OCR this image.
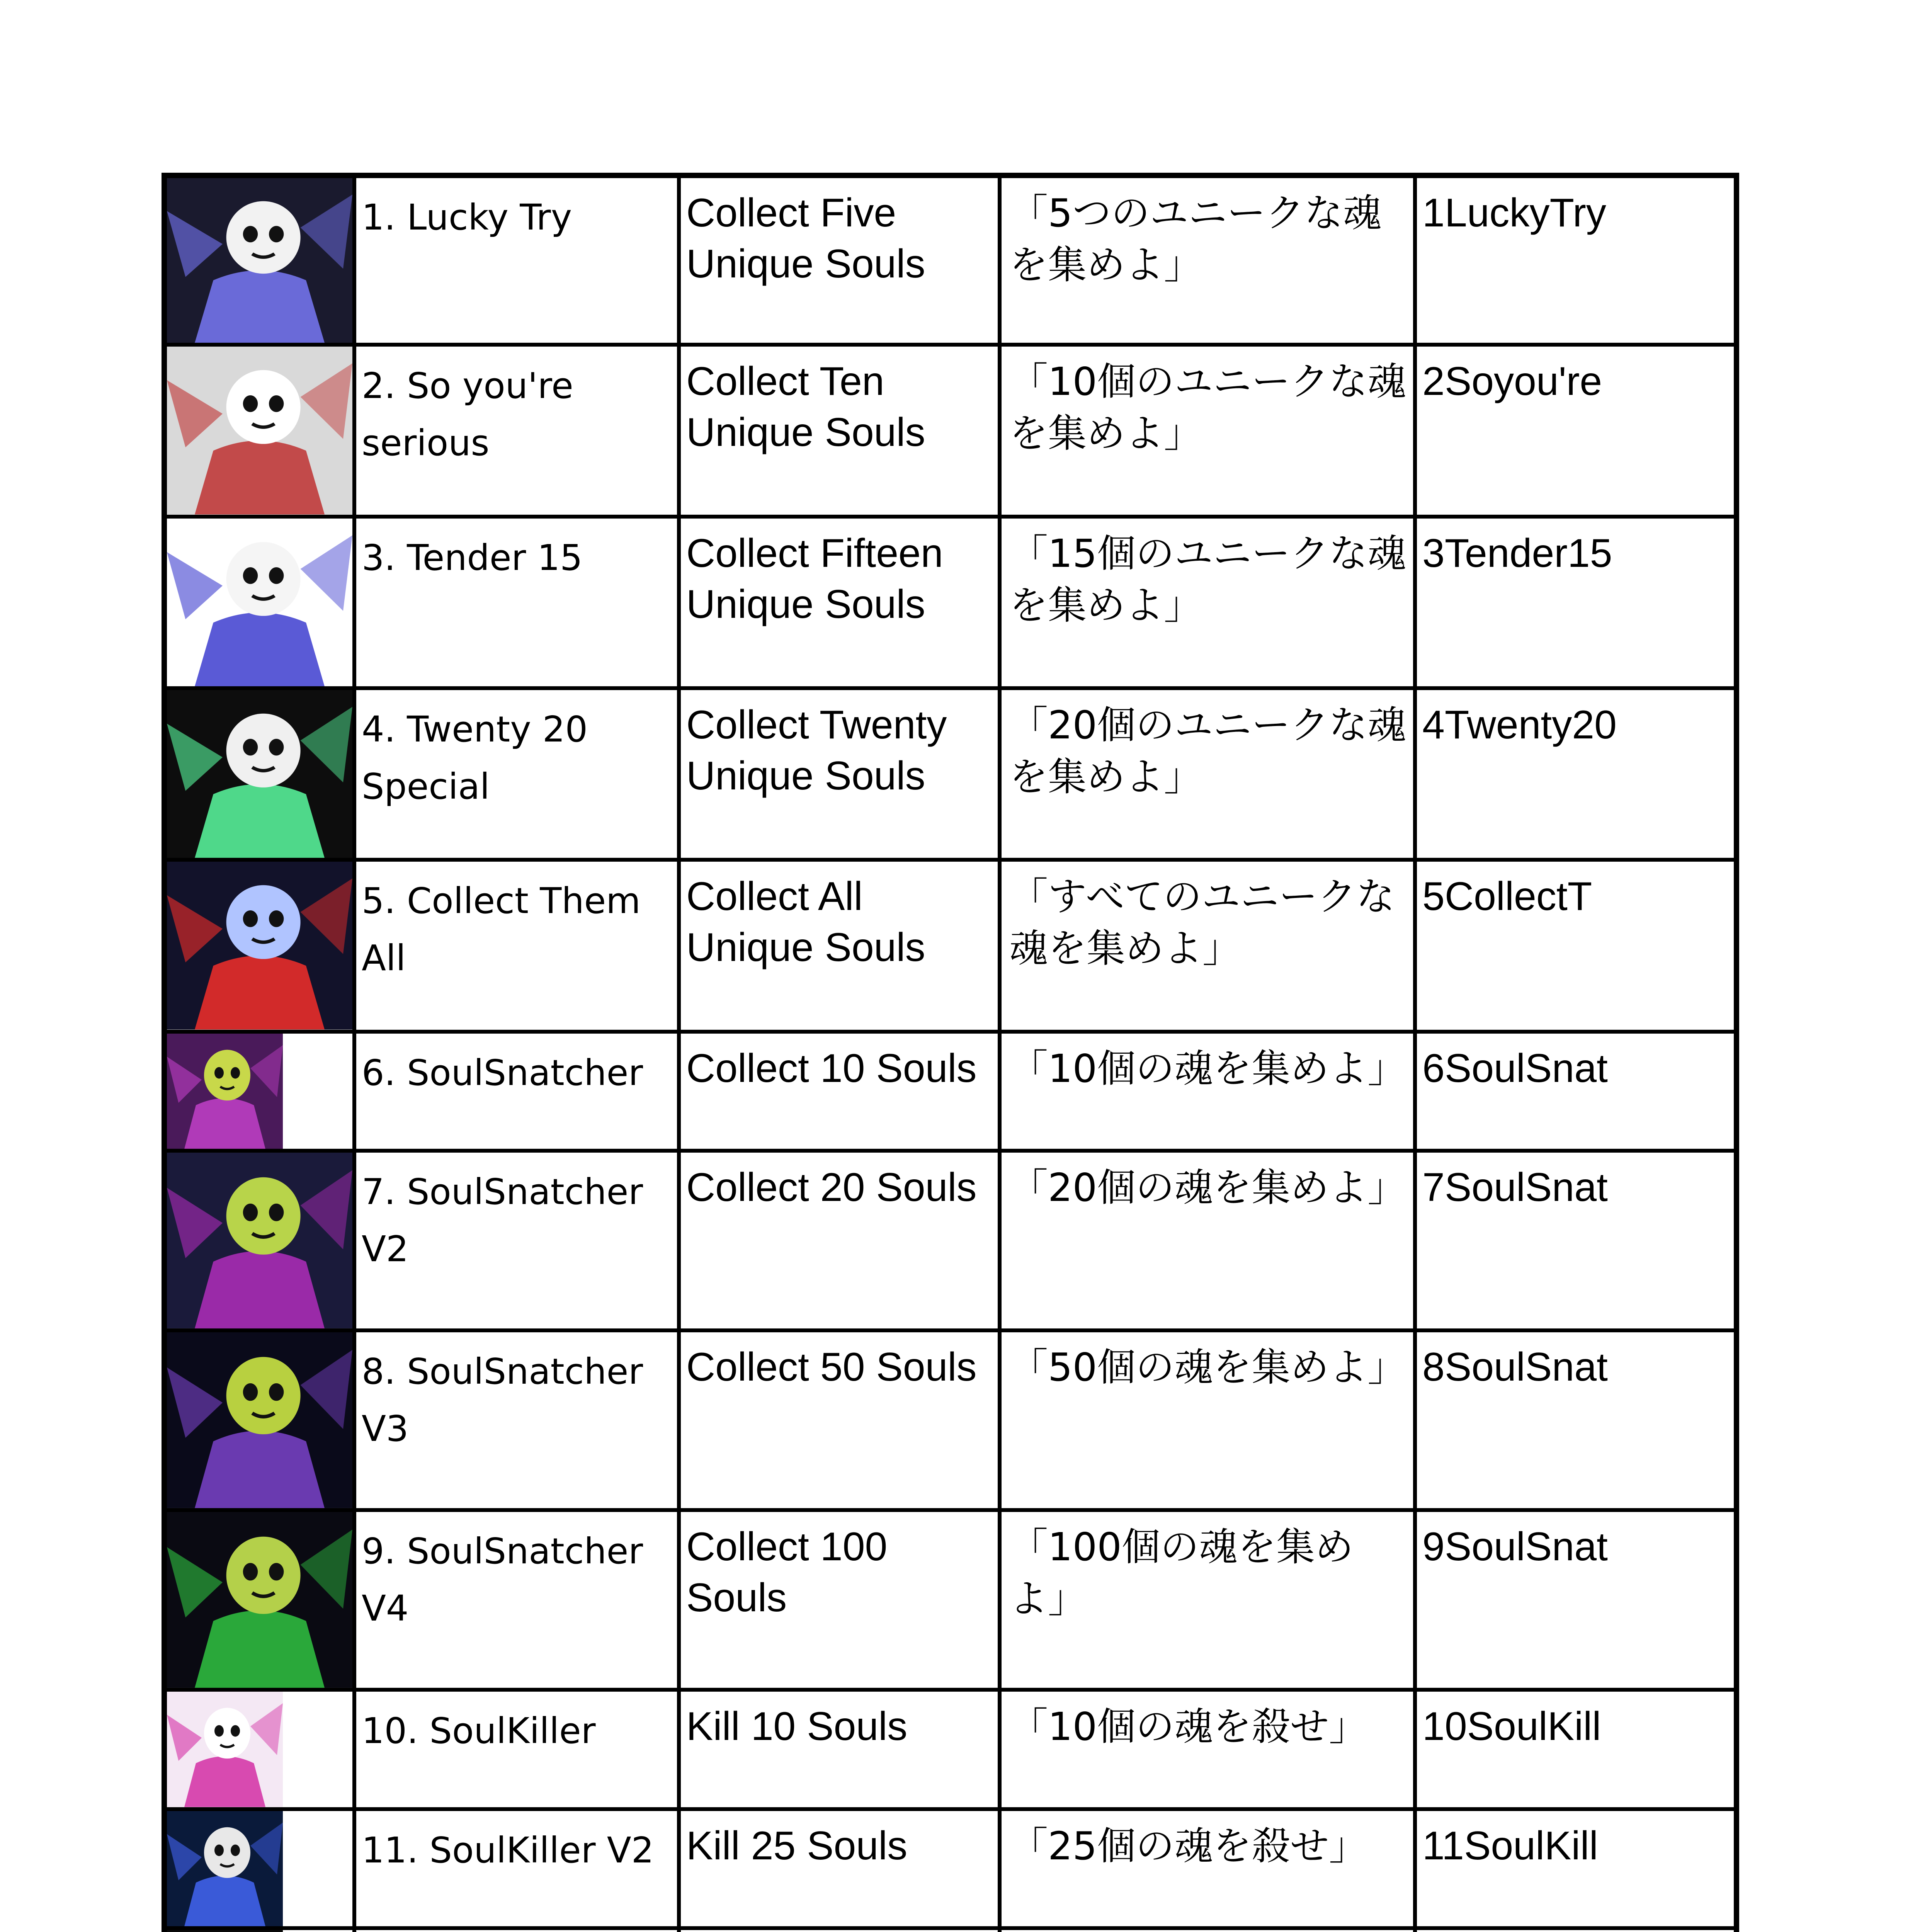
1. Lucky Try	Collect Five Unique Souls	「5つのユニークな魂を集めよ」	1LuckyTry

2. So you're serious	Collect Ten Unique Souls	「10個のユニークな魂を集めよ」	2Soyou're

3. Tender 15	Collect Fifteen Unique Souls	「15個のユニークな魂を集めよ」	3Tender15

4. Twenty 20 Special	Collect Twenty Unique Souls	「20個のユニークな魂を集めよ」	4Twenty20

5. Collect Them All	Collect All Unique Souls	「すべてのユニークな魂を集めよ」	5CollectT

6. SoulSnatcher	Collect 10 Souls	「10個の魂を集めよ」	6SoulSnat

7. SoulSnatcher V2	Collect 20 Souls	「20個の魂を集めよ」	7SoulSnat

8. SoulSnatcher V3	Collect 50 Souls	「50個の魂を集めよ」	8SoulSnat

9. SoulSnatcher V4	Collect 100 Souls	「100個の魂を集めよ」	9SoulSnat

10. SoulKiller	Kill 10 Souls	「10個の魂を殺せ」	10SoulKill

11. SoulKiller V2	Kill 25 Souls	「25個の魂を殺せ」	11SoulKill
